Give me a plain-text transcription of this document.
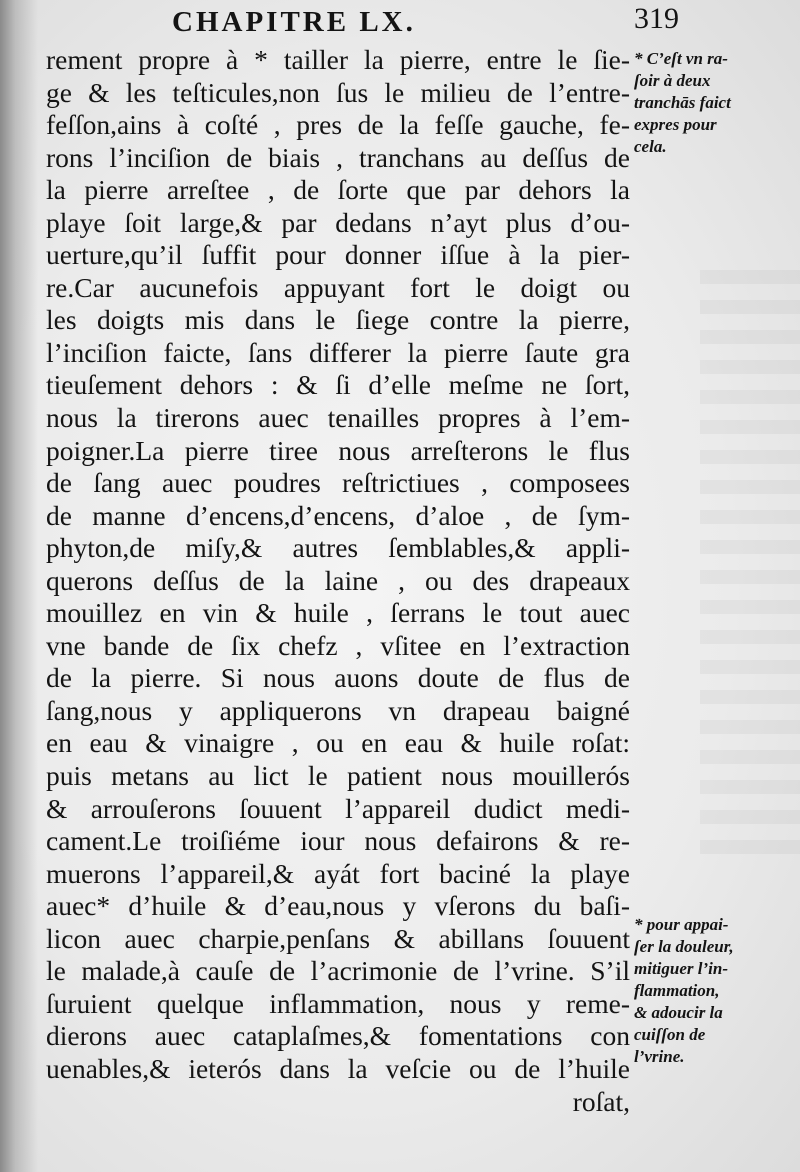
CHAPITRE LX.	319
rement propre à * tailler la pierre, entre le ſie-
ge & les teſticules,non ſus le milieu de l’entre-
feſſon,ains à coſté , pres de la feſſe gauche, fe-
rons l’inciſion de biais , tranchans au deſſus de
la pierre arreſtee , de ſorte que par dehors la
playe ſoit large,& par dedans n’ayt plus d’ou-
uerture,qu’il ſuffit pour donner iſſue à la pier-
re.Car aucunefois appuyant fort le doigt ou
les doigts mis dans le ſiege contre la pierre,
l’inciſion faicte, ſans differer la pierre ſaute gra
tieuſement dehors : & ſi d’elle meſme ne ſort,
nous la tirerons auec tenailles propres à l’em-
poigner.La pierre tiree nous arreſterons le flus
de ſang auec poudres reſtrictiues , composees
de manne d’encens,d’encens, d’aloe , de ſym-
phyton,de miſy,& autres ſemblables,& appli-
querons deſſus de la laine , ou des drapeaux
mouillez en vin & huile , ſerrans le tout auec
vne bande de ſix chefz , vſitee en l’extraction
de la pierre. Si nous auons doute de flus de
ſang,nous y appliquerons vn drapeau baigné
en eau & vinaigre , ou en eau & huile roſat:
puis metans au lict le patient nous mouillerós
& arrouſerons ſouuent l’appareil dudict medi-
cament.Le troiſiéme iour nous defairons & re-
muerons l’appareil,& ayát fort baciné la playe
auec* d’huile & d’eau,nous y vſerons du baſi-
licon auec charpie,penſans & abillans ſouuent
le malade,à cauſe de l’acrimonie de l’vrine. S’il
ſuruient quelque inflammation, nous y reme-
dierons auec cataplaſmes,& fomentations con
uenables,& ieterós dans la veſcie ou de l’huile
roſat,
* C’eſt vn ra-
ſoir à deux
tranchās faict
expres pour
cela.
* pour appai-
ſer la douleur,
mitiguer l’in-
flammation,
& adoucir la
cuiſſon de
l’vrine.
